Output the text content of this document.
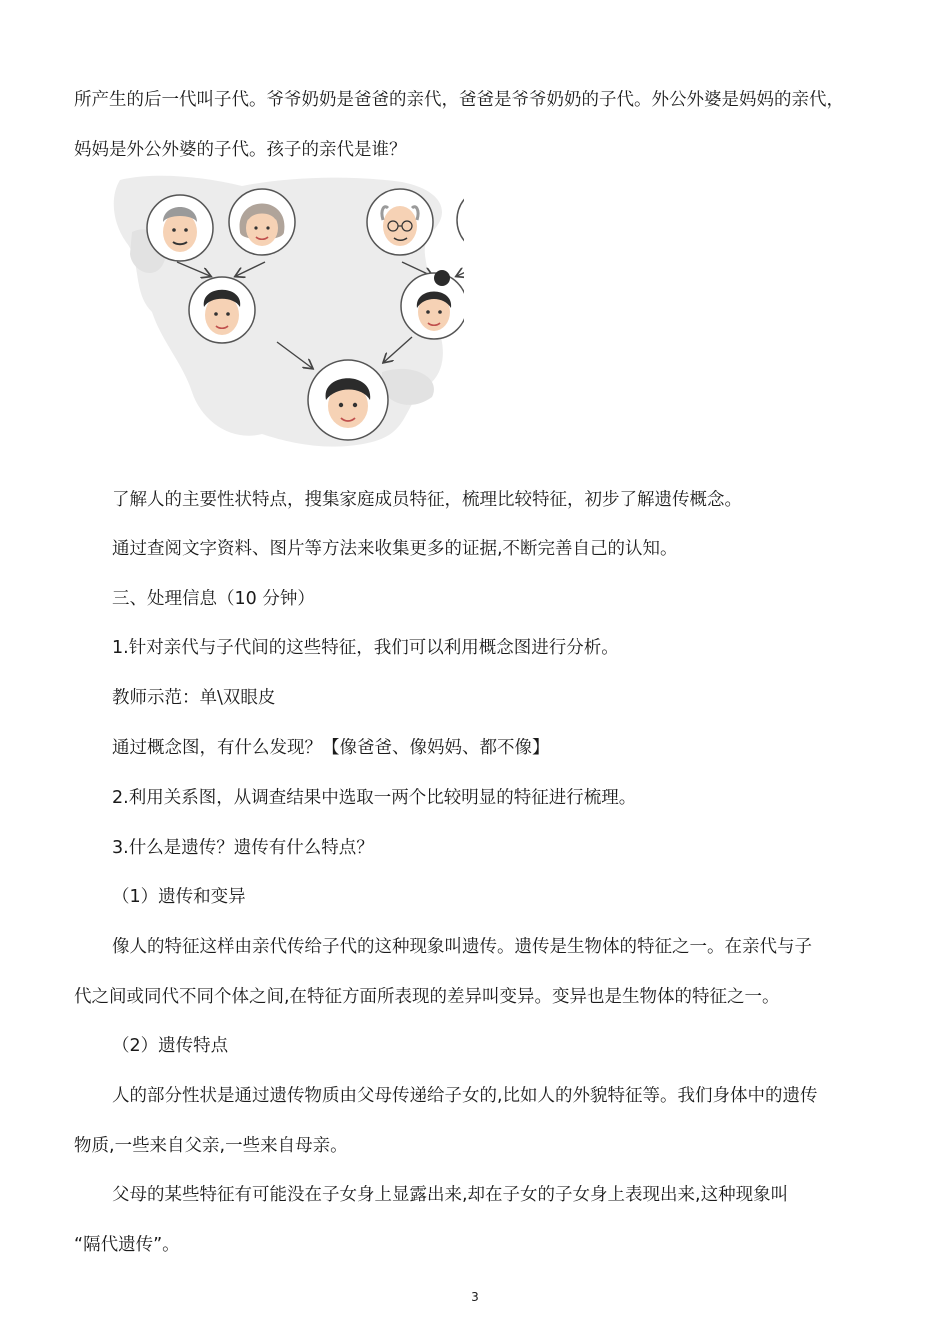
所产生的后一代叫子代。爷爷奶奶是爸爸的亲代，爸爸是爷爷奶奶的子代。外公外婆是妈妈的亲代，
妈妈是外公外婆的子代。孩子的亲代是谁？
了解人的主要性状特点，搜集家庭成员特征，梳理比较特征，初步了解遗传概念。
通过查阅文字资料、图片等方法来收集更多的证据,不断完善自己的认知。
三、处理信息（10 分钟）
1.针对亲代与子代间的这些特征，我们可以利用概念图进行分析。
教师示范：单\双眼皮
通过概念图，有什么发现？【像爸爸、像妈妈、都不像】
2.利用关系图，从调查结果中选取一两个比较明显的特征进行梳理。
3.什么是遗传？遗传有什么特点？
（1）遗传和变异
像人的特征这样由亲代传给子代的这种现象叫遗传。遗传是生物体的特征之一。在亲代与子
代之间或同代不同个体之间,在特征方面所表现的差异叫变异。变异也是生物体的特征之一。
（2）遗传特点
人的部分性状是通过遗传物质由父母传递给子女的,比如人的外貌特征等。我们身体中的遗传
物质,一些来自父亲,一些来自母亲。
父母的某些特征有可能没在子女身上显露出来,却在子女的子女身上表现出来,这种现象叫
“隔代遗传”。
3
